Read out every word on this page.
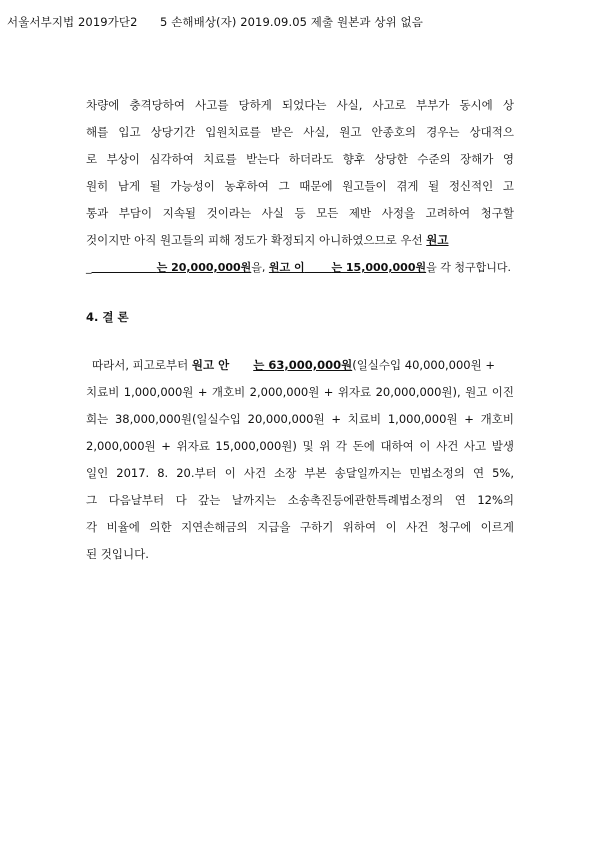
서울서부지법 2019가단2      5 손해배상(자) 2019.09.05 제출 원본과 상위 없음
차량에 충격당하여 사고를 당하게 되었다는 사실, 사고로 부부가 동시에 상
해를 입고 상당기간 입원치료를 받은 사실, 원고 안종호의 경우는 상대적으
로 부상이 심각하여 치료를 받는다 하더라도 향후 상당한 수준의 장해가 영
원히 남게 될 가능성이 농후하여 그 때문에 원고들이 겪게 될 정신적인 고
통과 부담이 지속될 것이라는 사실 등 모든 제반 사정을 고려하여 청구할
것이지만 아직 원고들의 피해 정도가 확정되지 아니하였으므로 우선 원고
_	는 20,000,000원을, 원고 이 는 15,000,000원을 각 청구합니다.
4. 결 론
따라서, 피고로부터 원고 안 는 63,000,000원(일실수입 40,000,000원 +
치료비 1,000,000원 + 개호비 2,000,000원 + 위자료 20,000,000원), 원고 이진
희는 38,000,000원(일실수입 20,000,000원 + 치료비 1,000,000원 + 개호비
2,000,000원 + 위자료 15,000,000원) 및 위 각 돈에 대하여 이 사건 사고 발생
일인 2017. 8. 20.부터 이 사건 소장 부본 송달일까지는 민법소정의 연 5%,
그 다음날부터 다 갚는 날까지는 소송촉진등에관한특례법소정의 연 12%의
각 비율에 의한 지연손해금의 지급을 구하기 위하여 이 사건 청구에 이르게
된 것입니다.
